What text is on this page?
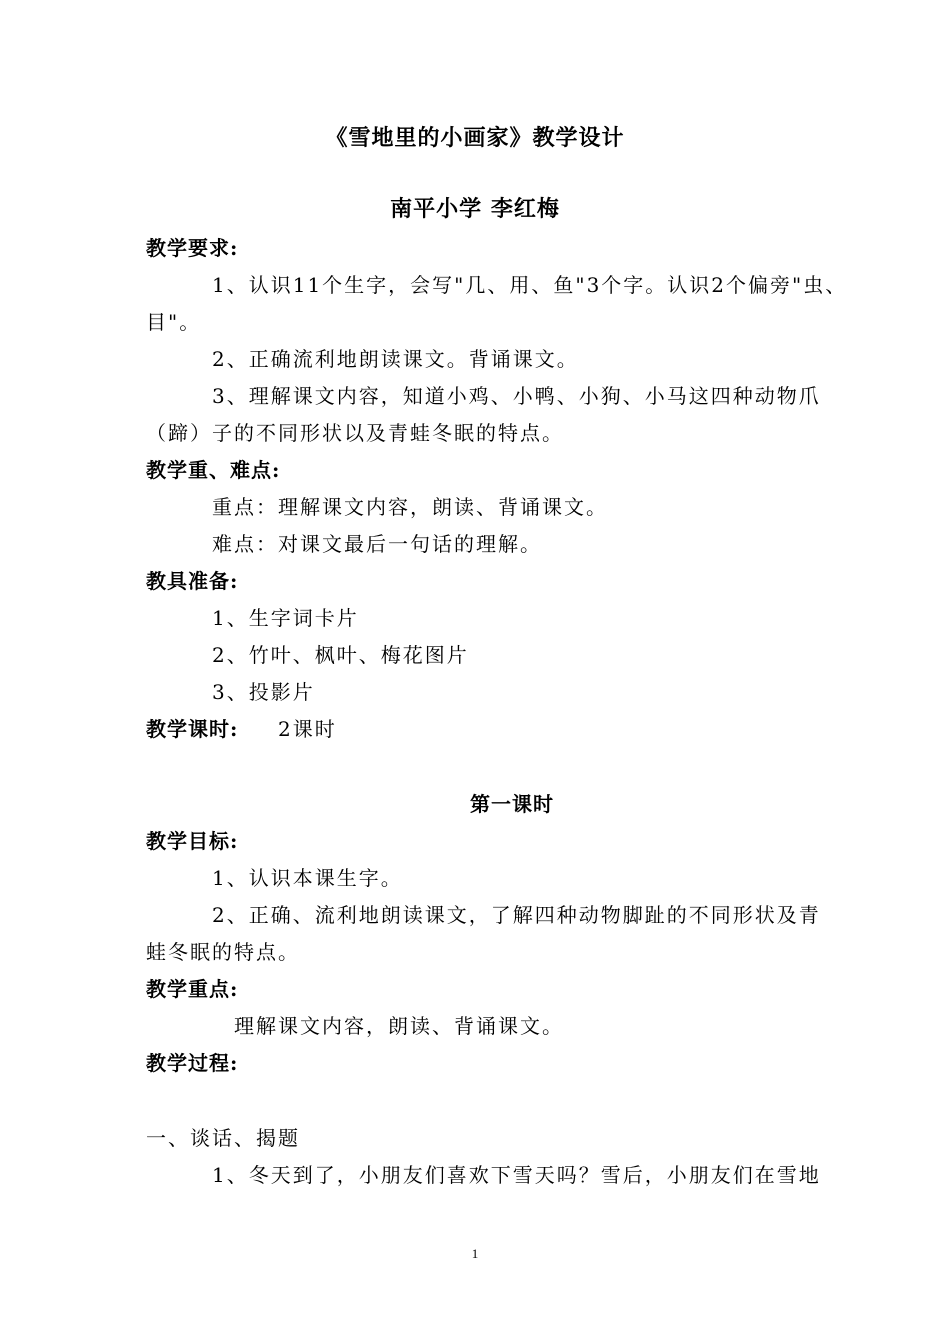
《雪地里的小画家》教学设计
南平小学 李红梅
教学要求:
1、认识11个生字，会写"几、用、鱼"3个字。认识2个偏旁"虫、
目"。
2、正确流利地朗读课文。背诵课文。
3、理解课文内容，知道小鸡、小鸭、小狗、小马这四种动物爪
（蹄）子的不同形状以及青蛙冬眠的特点。
教学重、难点:
重点：理解课文内容，朗读、背诵课文。
难点：对课文最后一句话的理解。
教具准备:
1、生字词卡片
2、竹叶、枫叶、梅花图片
3、投影片
教学课时: 2课时
第一课时
教学目标:
1、认识本课生字。
2、正确、流利地朗读课文，了解四种动物脚趾的不同形状及青
蛙冬眠的特点。
教学重点:
理解课文内容，朗读、背诵课文。
教学过程:
一、谈话、揭题
1、冬天到了，小朋友们喜欢下雪天吗？雪后，小朋友们在雪地
1
